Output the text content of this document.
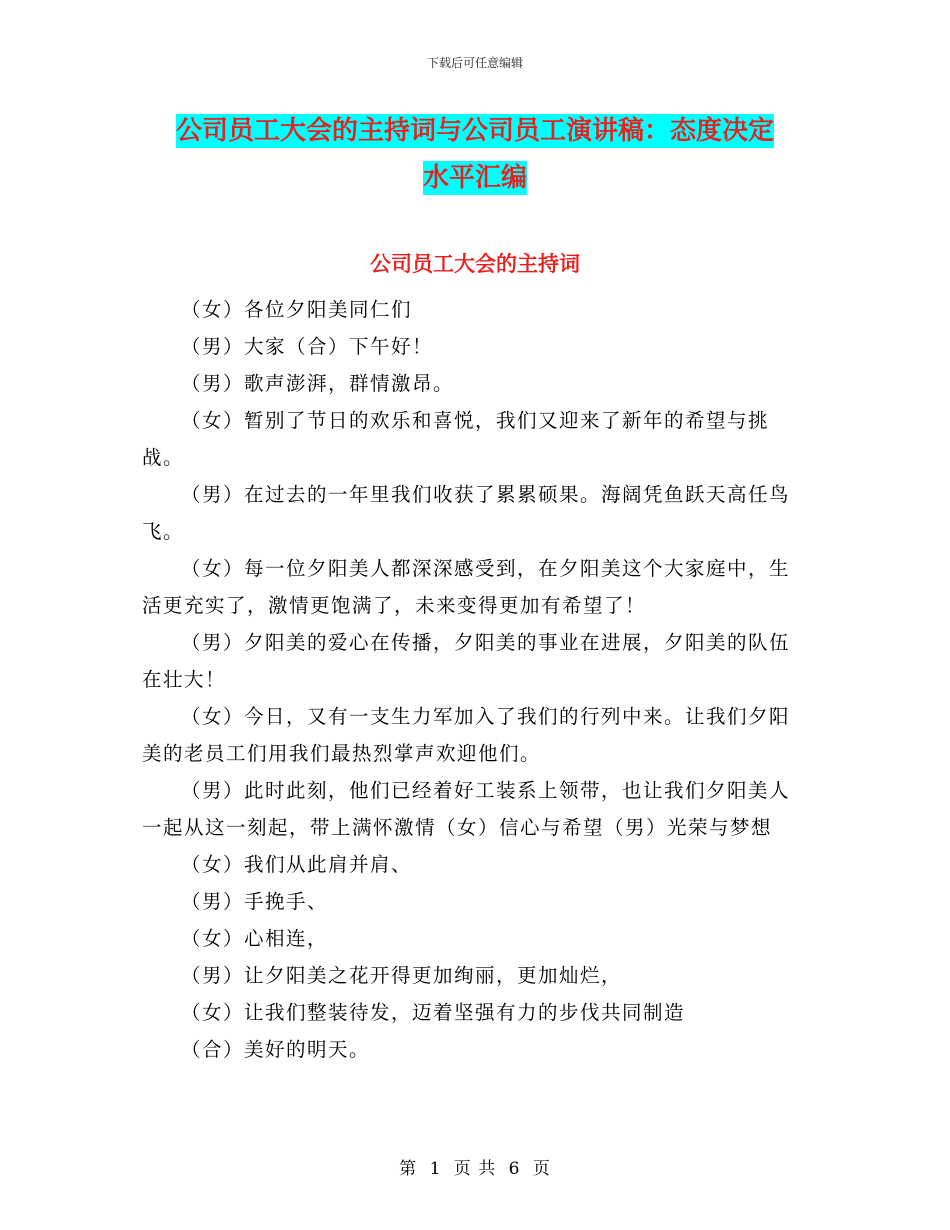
下载后可任意编辑
公司员工大会的主持词与公司员工演讲稿：态度决定
水平汇编
公司员工大会的主持词

（女）各位夕阳美同仁们

（男）大家（合）下午好！

（男）歌声澎湃，群情激昂。

（女）暂别了节日的欢乐和喜悦，我们又迎来了新年的希望与挑战。

（男）在过去的一年里我们收获了累累硕果。海阔凭鱼跃天高任鸟飞。

（女）每一位夕阳美人都深深感受到，在夕阳美这个大家庭中，生活更充实了，激情更饱满了，未来变得更加有希望了！

（男）夕阳美的爱心在传播，夕阳美的事业在进展，夕阳美的队伍在壮大！

（女）今日，又有一支生力军加入了我们的行列中来。让我们夕阳美的老员工们用我们最热烈掌声欢迎他们。

（男）此时此刻，他们已经着好工装系上领带，也让我们夕阳美人一起从这一刻起，带上满怀激情（女）信心与希望（男）光荣与梦想

（女）我们从此肩并肩、

（男）手挽手、

（女）心相连，

（男）让夕阳美之花开得更加绚丽，更加灿烂，

（女）让我们整装待发，迈着坚强有力的步伐共同制造

（合）美好的明天。

第 1 页 共 6 页
